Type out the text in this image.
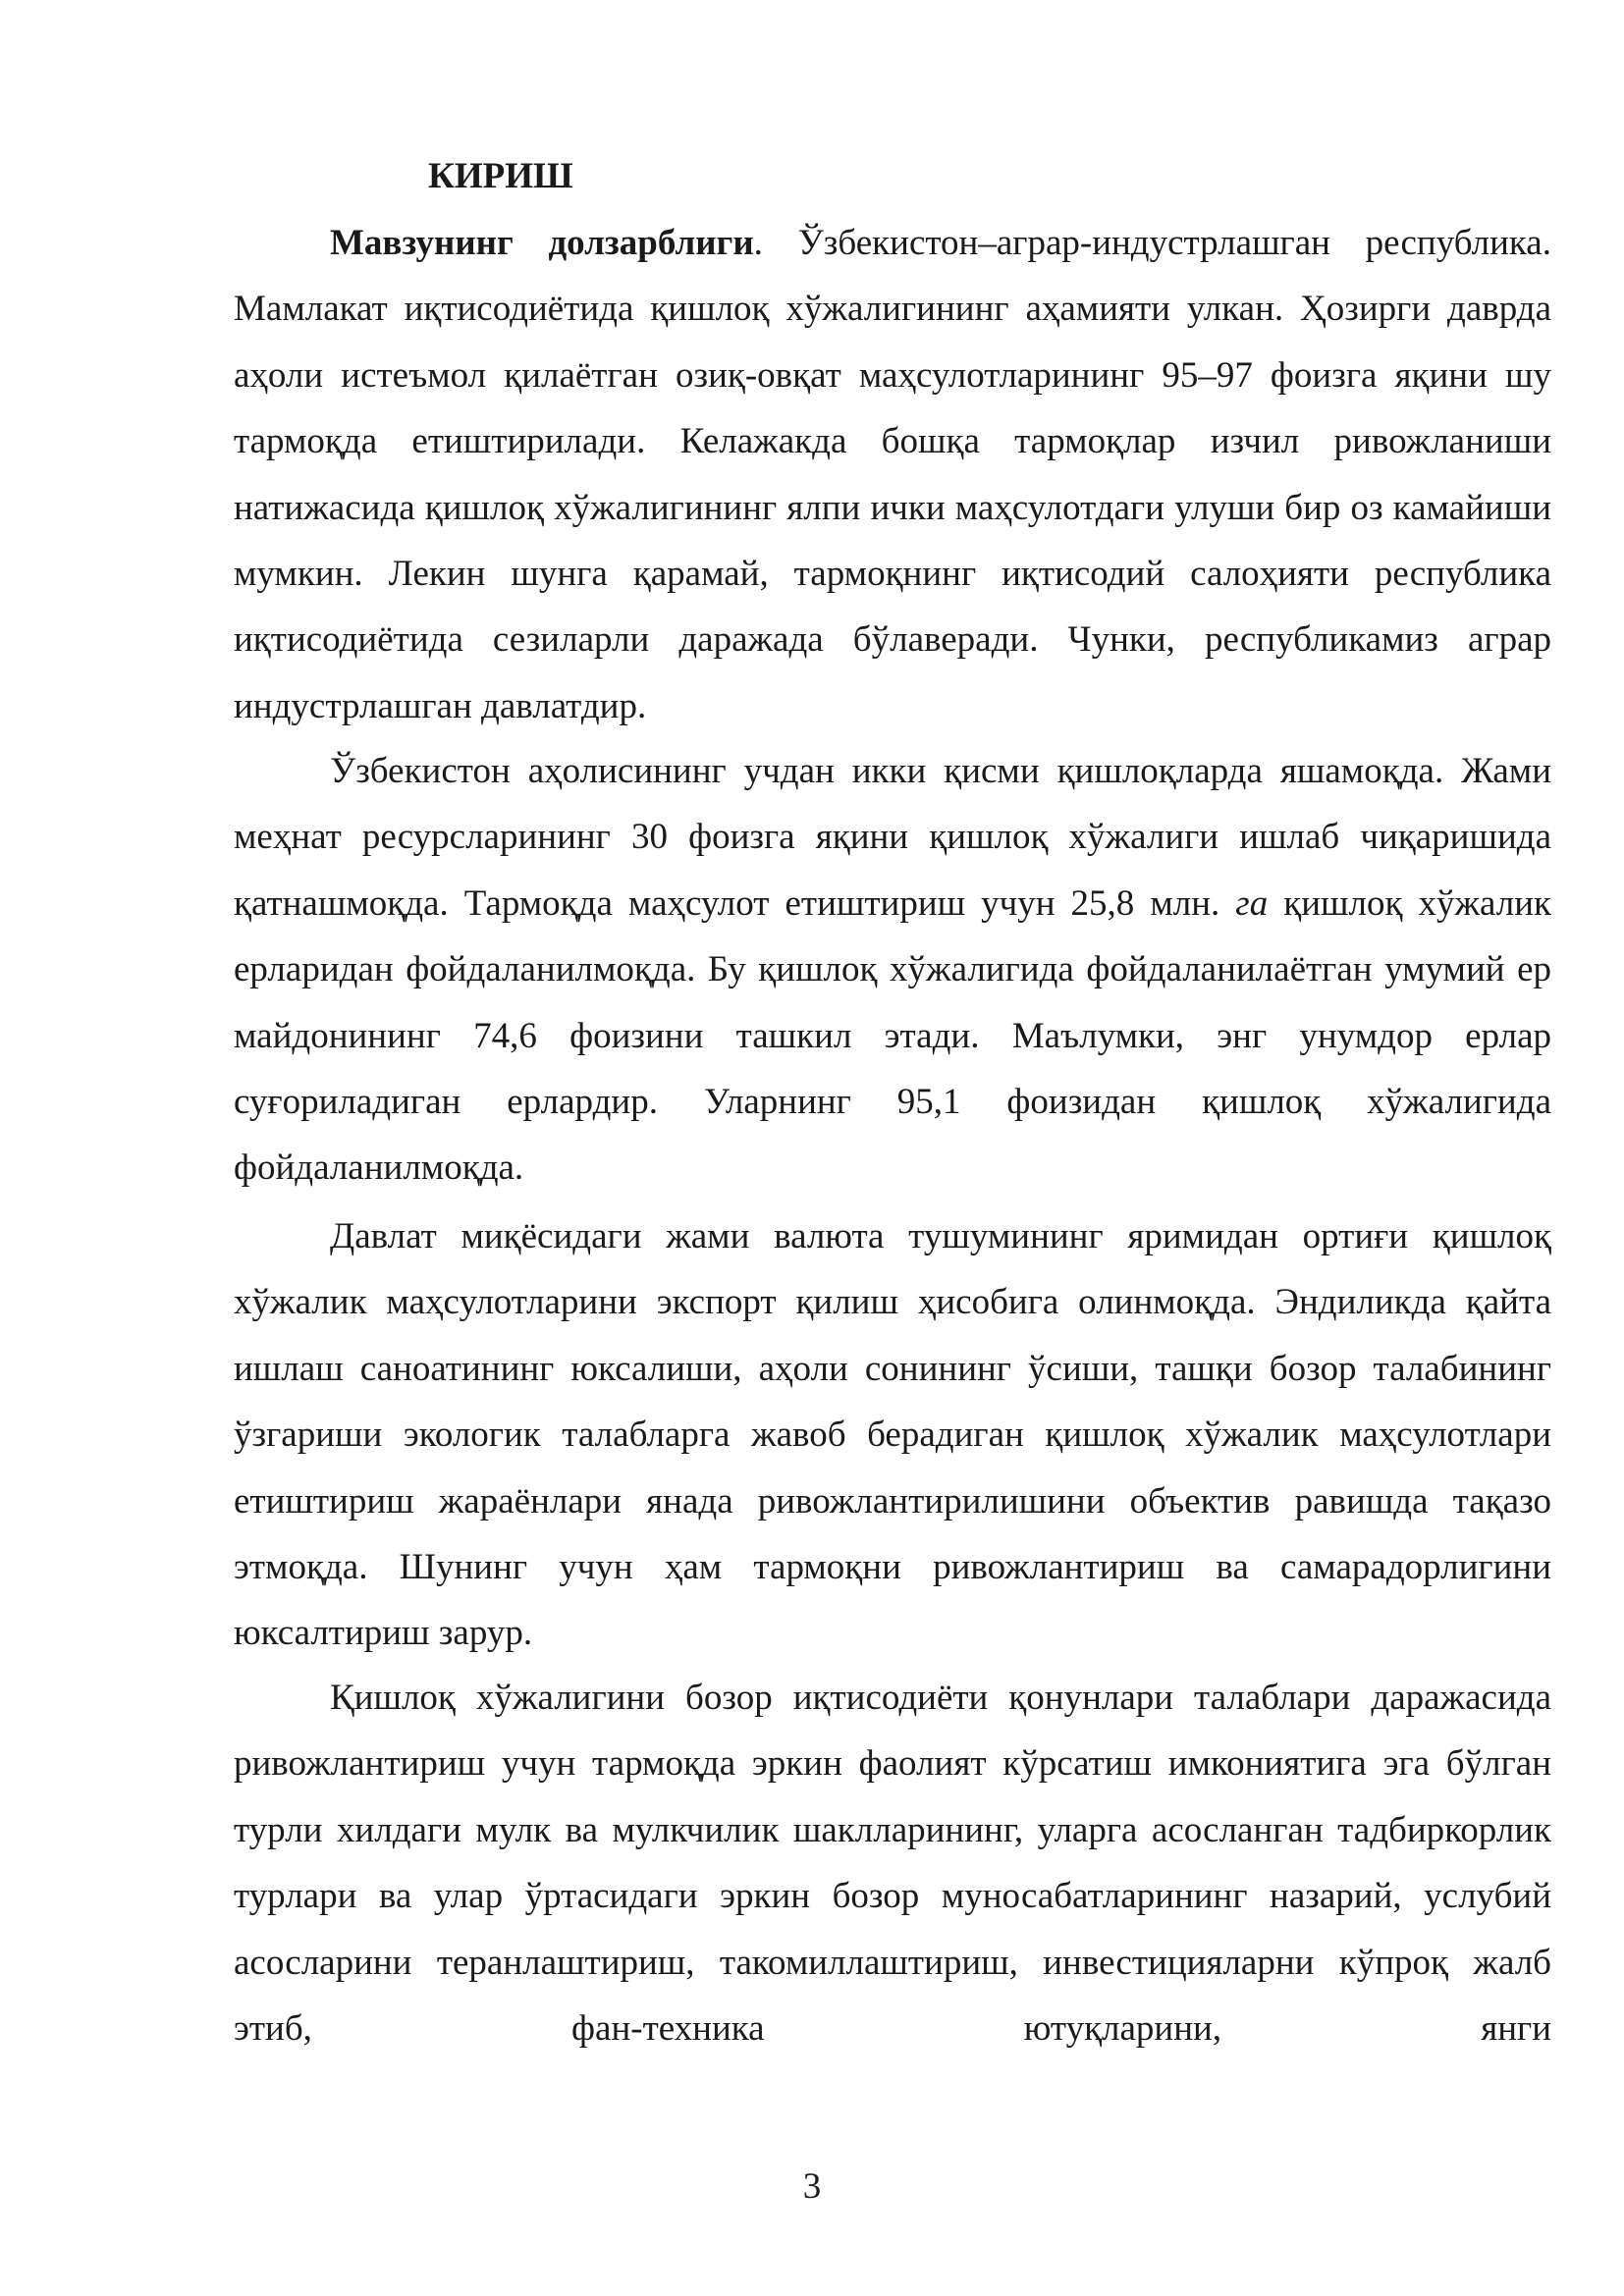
КИРИШ

Мавзунинг долзарблиги. Ўзбекистон–аграр-индустрлашган республика. Мамлакат иқтисодиётида қишлоқ хўжалигининг аҳамияти улкан. Ҳозирги даврда аҳоли истеъмол қилаётган озиқ-овқат маҳсулотларининг 95–97 фоизга яқини шу тармоқда етиштирилади. Келажакда бошқа тармоқлар изчил ривожланиши натижасида қишлоқ хўжалигининг ялпи ички маҳсулотдаги улуши бир оз камайиши мумкин. Лекин шунга қарамай, тармоқнинг иқтисодий салоҳияти республика иқтисодиётида сезиларли даражада бўлаверади. Чунки, республикамиз аграр индустрлашган давлатдир.

Ўзбекистон аҳолисининг учдан икки қисми қишлоқларда яшамоқда. Жами меҳнат ресурсларининг 30 фоизга яқини қишлоқ хўжалиги ишлаб чиқаришида қатнашмоқда. Тармоқда маҳсулот етиштириш учун 25,8 млн. га қишлоқ хўжалик ерларидан фойдаланилмоқда. Бу қишлоқ хўжалигида фойдаланилаётган умумий ер майдонининг 74,6 фоизини ташкил этади. Маълумки, энг унумдор ерлар суғориладиган ерлардир. Уларнинг 95,1 фоизидан қишлоқ хўжалигида фойдаланилмоқда.

Давлат миқёсидаги жами валюта тушумининг яримидан ортиғи қишлоқ хўжалик маҳсулотларини экспорт қилиш ҳисобига олинмоқда. Эндиликда қайта ишлаш саноатининг юксалиши, аҳоли сонининг ўсиши, ташқи бозор талабининг ўзгариши экологик талабларга жавоб берадиган қишлоқ хўжалик маҳсулотлари етиштириш жараёнлари янада ривожлантирилишини объектив равишда тақазо этмоқда. Шунинг учун ҳам тармоқни ривожлантириш ва самарадорлигини юксалтириш зарур.

Қишлоқ хўжалигини бозор иқтисодиёти қонунлари талаблари даражасида ривожлантириш учун тармоқда эркин фаолият кўрсатиш имкониятига эга бўлган турли хилдаги мулк ва мулкчилик шаклларининг, уларга асосланган тадбиркорлик турлари ва улар ўртасидаги эркин бозор муносабатларининг назарий, услубий асосларини теранлаштириш, такомиллаштириш, инвестицияларни кўпроқ жалб этиб, фан-техника ютуқларини, янги

3
